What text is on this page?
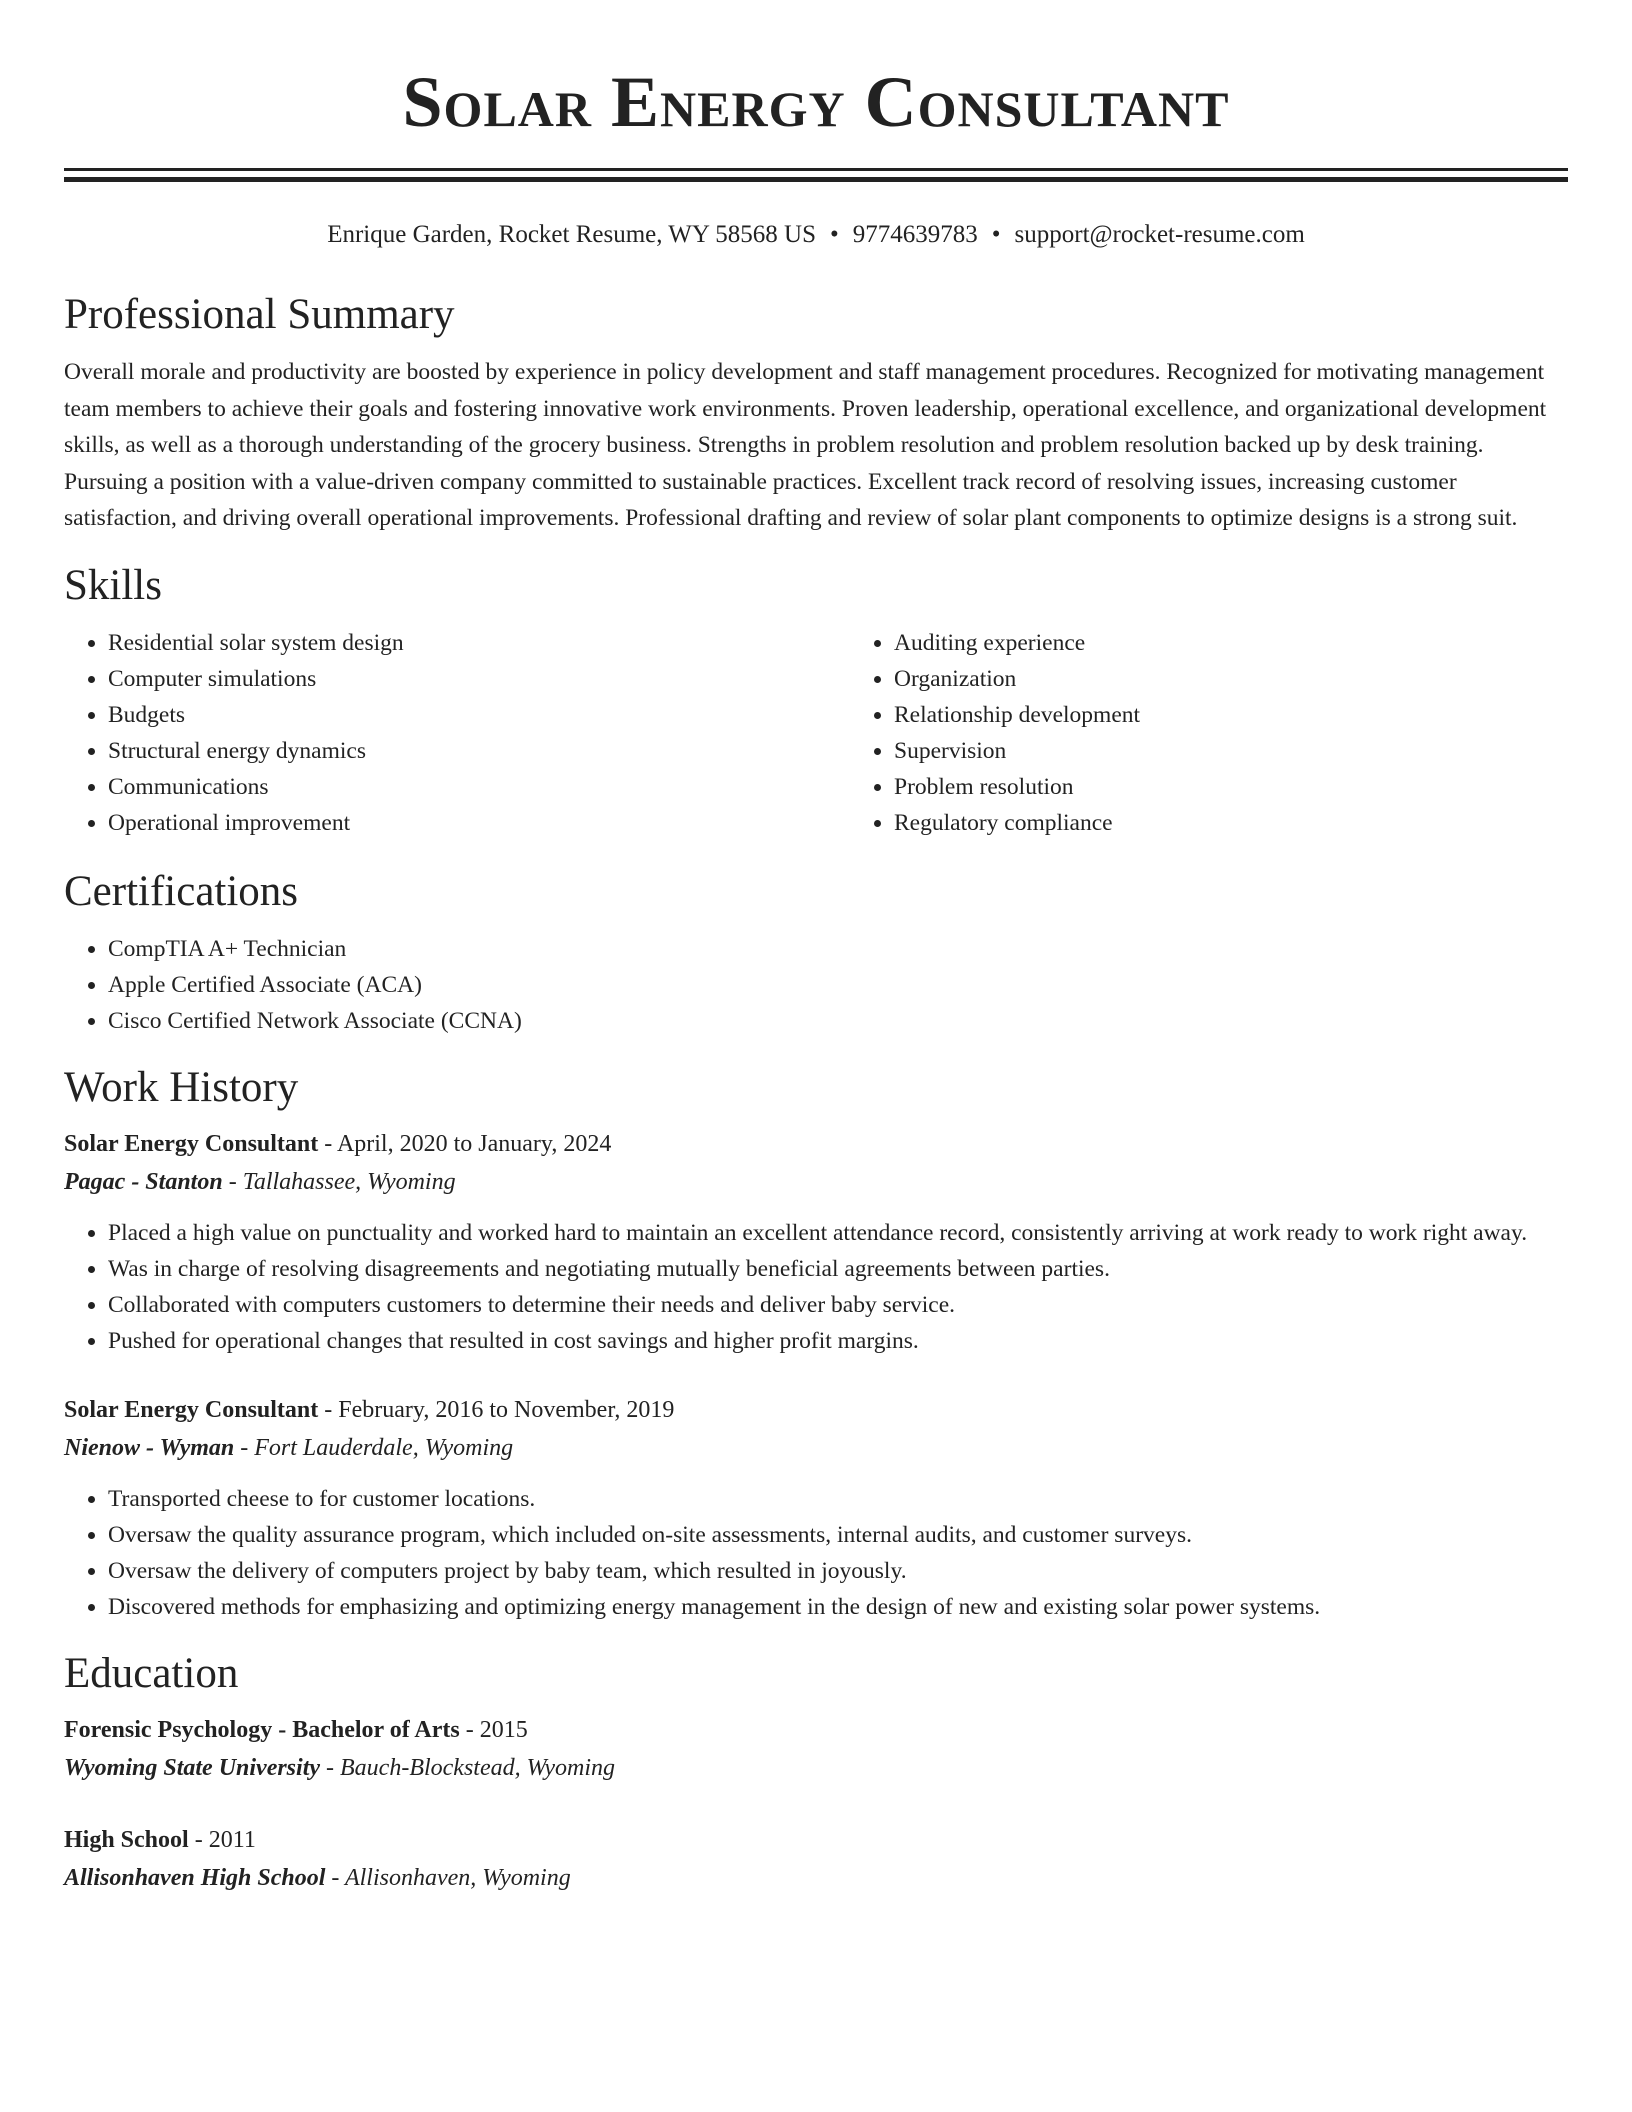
Solar Energy Consultant
Enrique Garden, Rocket Resume, WY 58568 US • 9774639783 • support@rocket-resume.com
Professional Summary

Overall morale and productivity are boosted by experience in policy development and staff management procedures. Recognized for motivating management team members to achieve their goals and fostering innovative work environments. Proven leadership, operational excellence, and organizational development skills, as well as a thorough understanding of the grocery business. Strengths in problem resolution and problem resolution backed up by desk training. Pursuing a position with a value-driven company committed to sustainable practices. Excellent track record of resolving issues, increasing customer satisfaction, and driving overall operational improvements. Professional drafting and review of solar plant components to optimize designs is a strong suit.

Skills
• Residential solar system design
• Computer simulations
• Budgets
• Structural energy dynamics
• Communications
• Operational improvement
• Auditing experience
• Organization
• Relationship development
• Supervision
• Problem resolution
• Regulatory compliance
Certifications
• CompTIA A+ Technician
• Apple Certified Associate (ACA)
• Cisco Certified Network Associate (CCNA)
Work History
Solar Energy Consultant - April, 2020 to January, 2024
Pagac - Stanton - Tallahassee, Wyoming
• Placed a high value on punctuality and worked hard to maintain an excellent attendance record, consistently arriving at work ready to work right away.
• Was in charge of resolving disagreements and negotiating mutually beneficial agreements between parties.
• Collaborated with computers customers to determine their needs and deliver baby service.
• Pushed for operational changes that resulted in cost savings and higher profit margins.
Solar Energy Consultant - February, 2016 to November, 2019
Nienow - Wyman - Fort Lauderdale, Wyoming
• Transported cheese to for customer locations.
• Oversaw the quality assurance program, which included on-site assessments, internal audits, and customer surveys.
• Oversaw the delivery of computers project by baby team, which resulted in joyously.
• Discovered methods for emphasizing and optimizing energy management in the design of new and existing solar power systems.
Education
Forensic Psychology - Bachelor of Arts - 2015
Wyoming State University - Bauch-Blockstead, Wyoming
High School - 2011
Allisonhaven High School - Allisonhaven, Wyoming
